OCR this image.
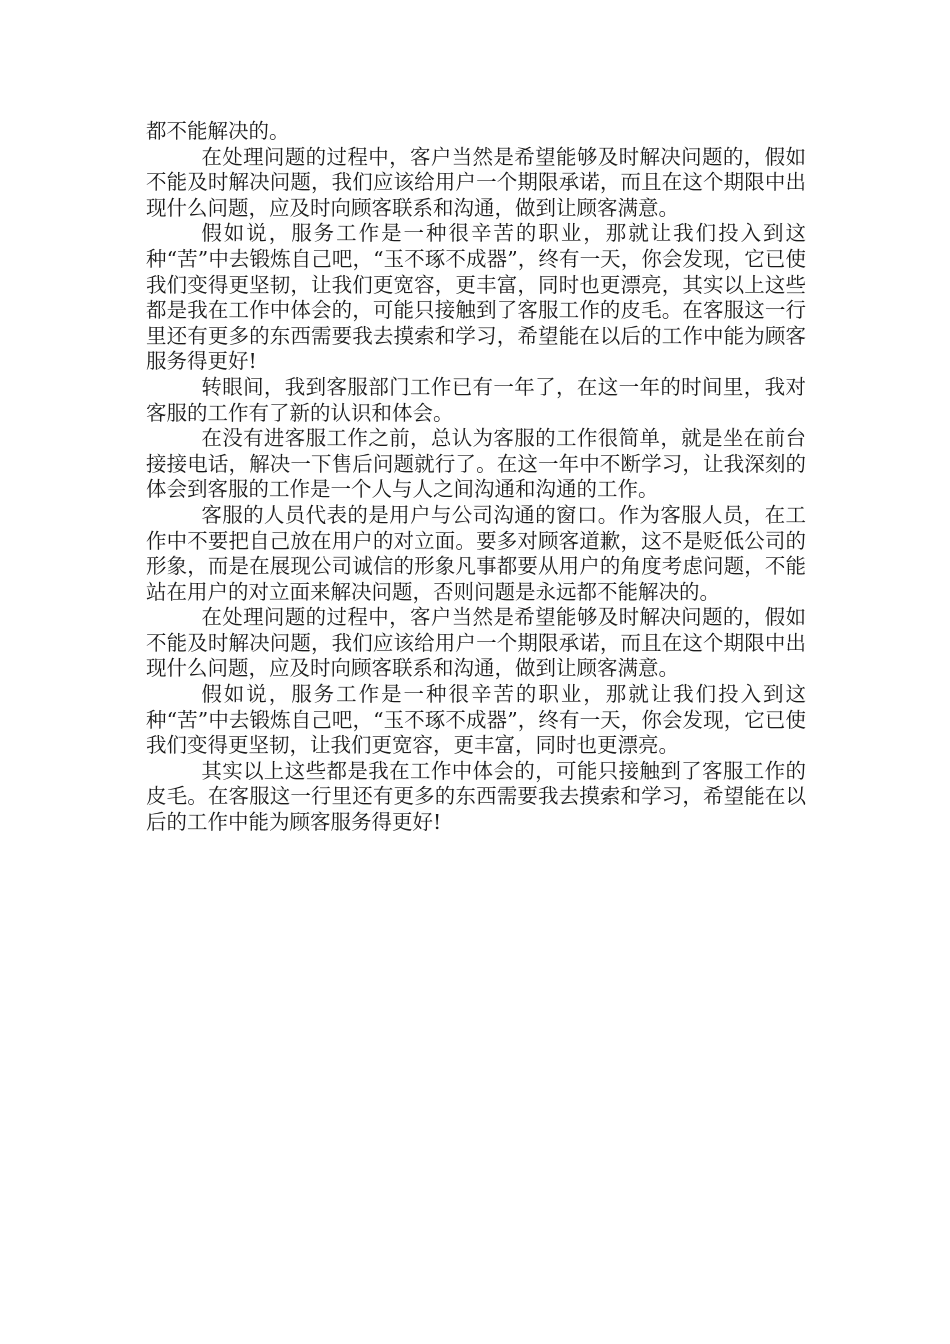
都不能解决的。

在处理问题的过程中，客户当然是希望能够及时解决问题的，假如不能及时解决问题，我们应该给用户一个期限承诺，而且在这个期限中出现什么问题，应及时向顾客联系和沟通，做到让顾客满意。

假如说，服务工作是一种很辛苦的职业，那就让我们投入到这种“苦”中去锻炼自己吧，“玉不琢不成器”，终有一天，你会发现，它已使我们变得更坚韧，让我们更宽容，更丰富，同时也更漂亮，其实以上这些都是我在工作中体会的，可能只接触到了客服工作的皮毛。在客服这一行里还有更多的东西需要我去摸索和学习，希望能在以后的工作中能为顾客服务得更好!

转眼间，我到客服部门工作已有一年了，在这一年的时间里，我对客服的工作有了新的认识和体会。

在没有进客服工作之前，总认为客服的工作很简单，就是坐在前台接接电话，解决一下售后问题就行了。在这一年中不断学习，让我深刻的体会到客服的工作是一个人与人之间沟通和沟通的工作。

客服的人员代表的是用户与公司沟通的窗口。作为客服人员，在工作中不要把自己放在用户的对立面。要多对顾客道歉，这不是贬低公司的形象，而是在展现公司诚信的形象凡事都要从用户的角度考虑问题，不能站在用户的对立面来解决问题，否则问题是永远都不能解决的。

在处理问题的过程中，客户当然是希望能够及时解决问题的，假如不能及时解决问题，我们应该给用户一个期限承诺，而且在这个期限中出现什么问题，应及时向顾客联系和沟通，做到让顾客满意。

假如说，服务工作是一种很辛苦的职业，那就让我们投入到这种“苦”中去锻炼自己吧，“玉不琢不成器”，终有一天，你会发现，它已使我们变得更坚韧，让我们更宽容，更丰富，同时也更漂亮。

其实以上这些都是我在工作中体会的，可能只接触到了客服工作的皮毛。在客服这一行里还有更多的东西需要我去摸索和学习，希望能在以后的工作中能为顾客服务得更好!
